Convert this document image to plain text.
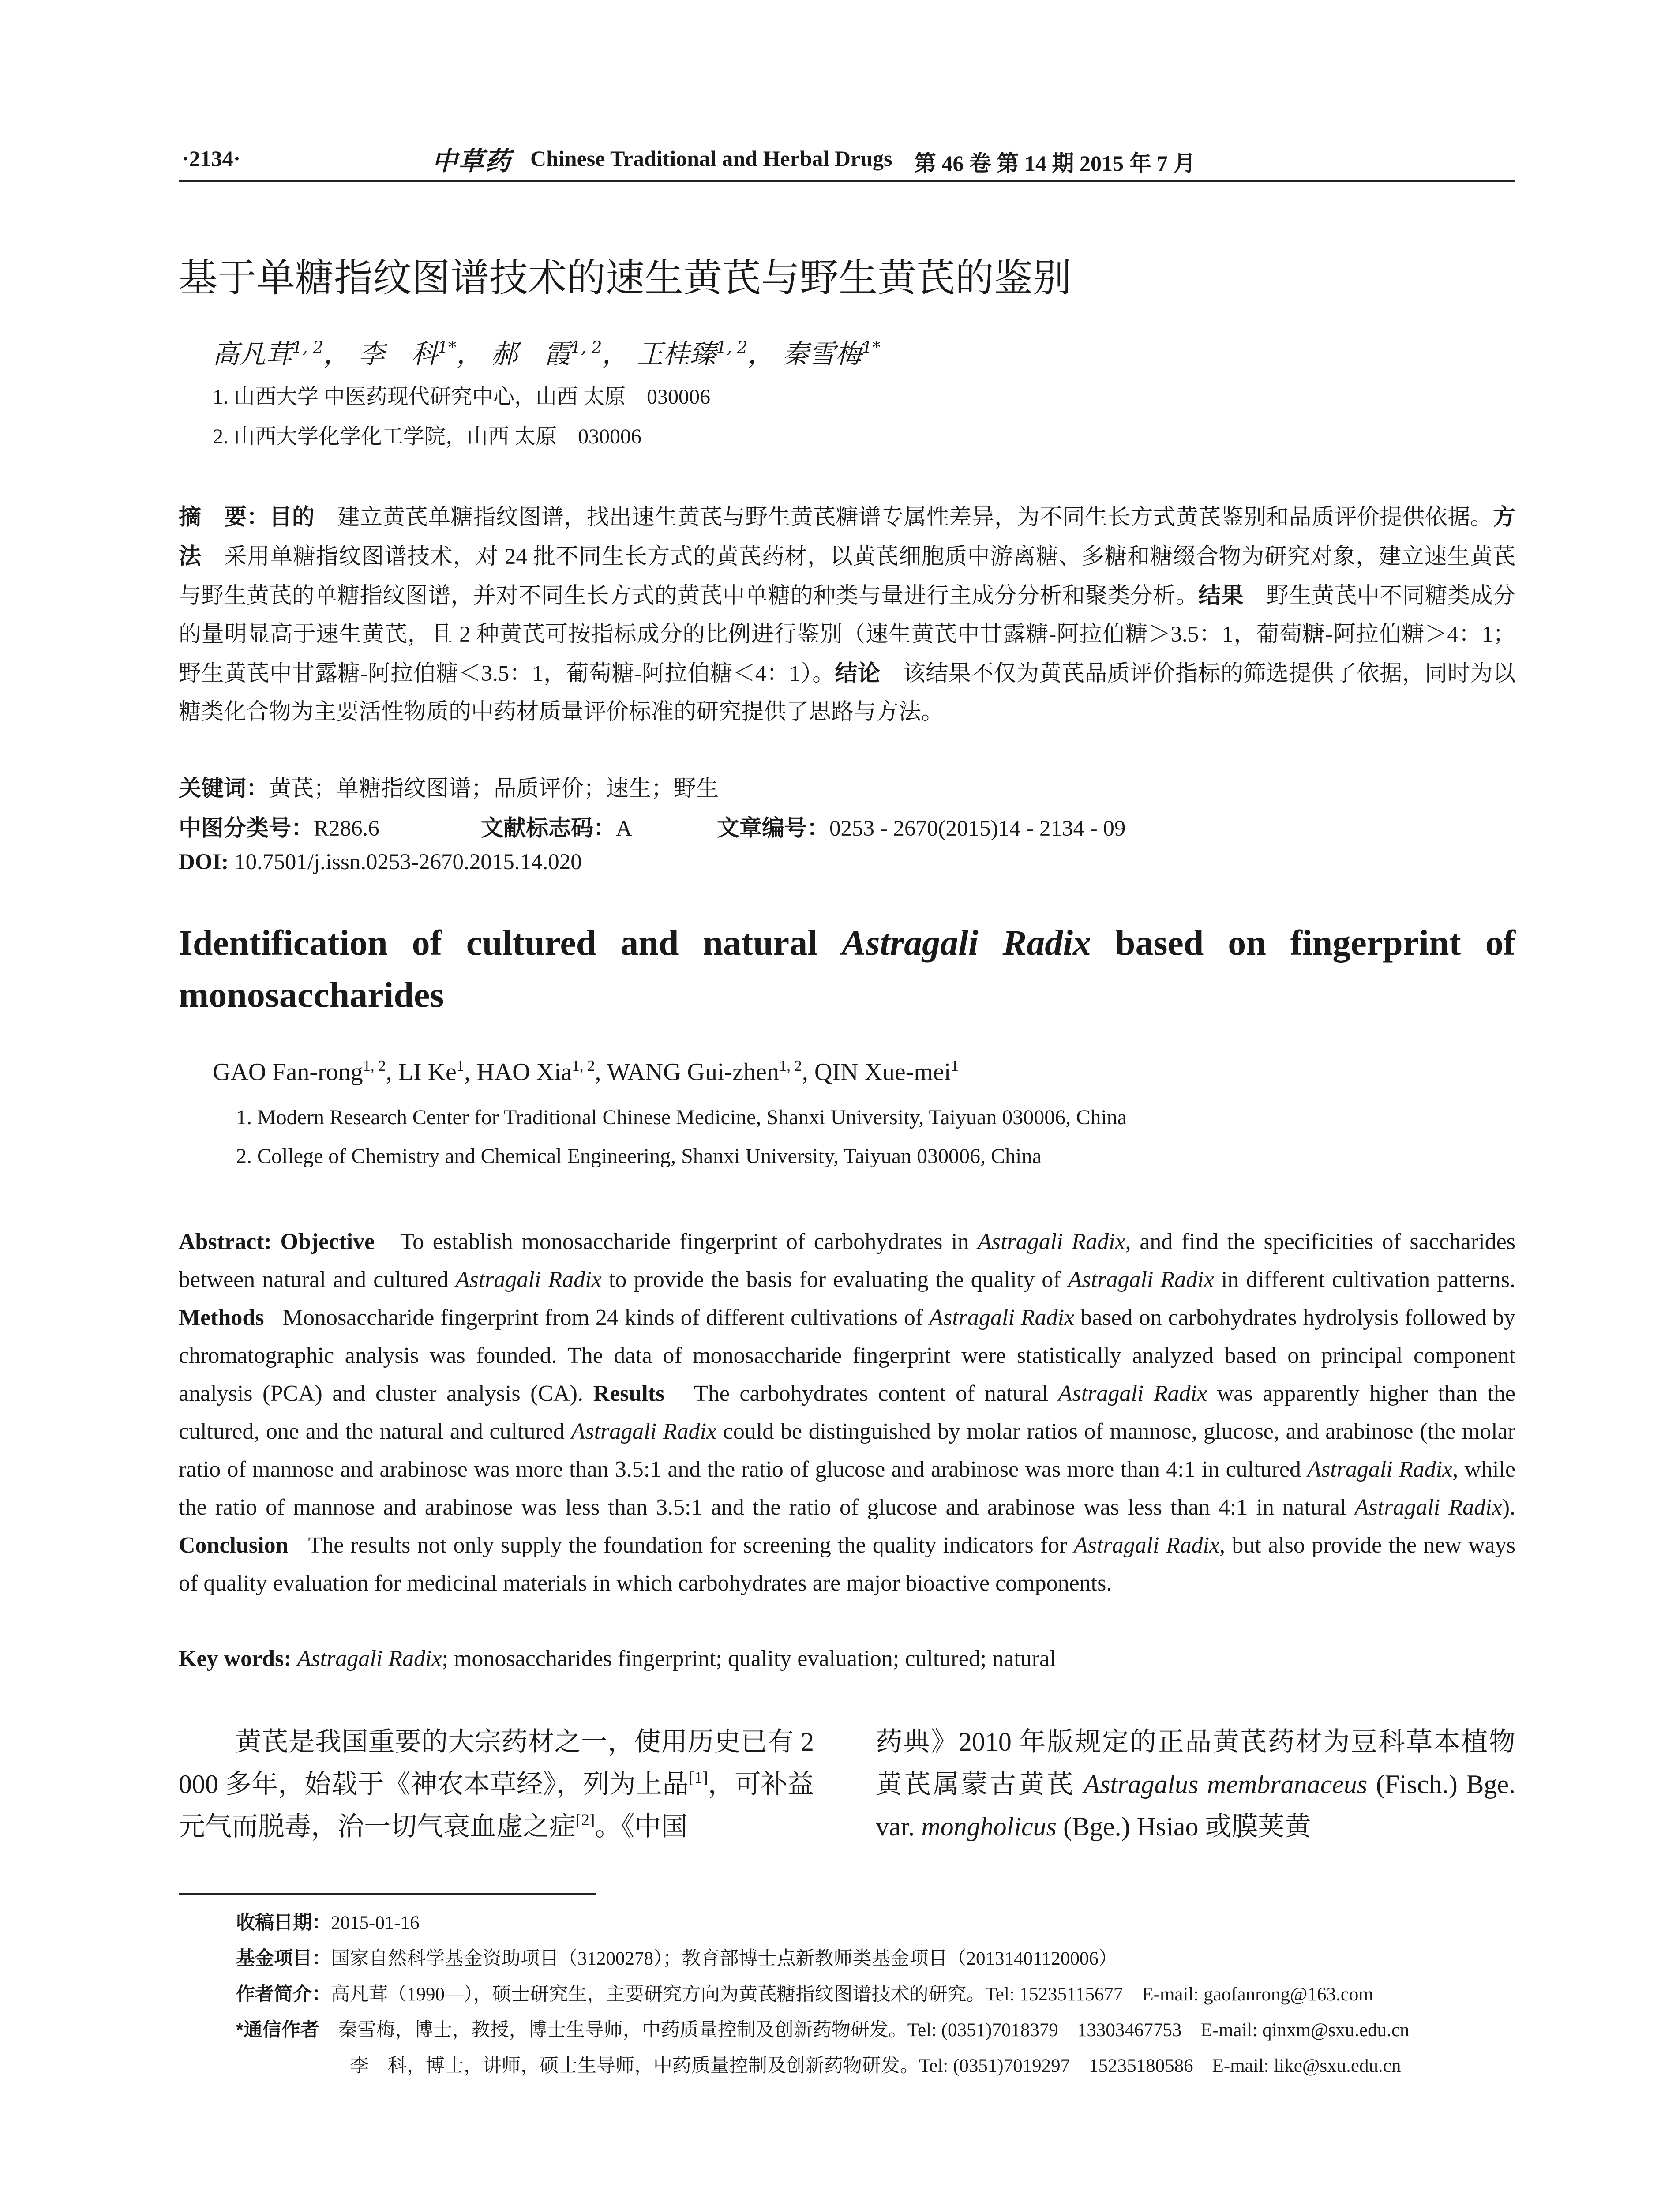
·2134·	中草药 Chinese Traditional and Herbal Drugs 第 46 卷 第 14 期 2015 年 7 月
基于单糖指纹图谱技术的速生黄芪与野生黄芪的鉴别
高凡茸$^{1, 2}$， 李　科$^{1*}$， 郝　霞$^{1, 2}$， 王桂臻$^{1, 2}$， 秦雪梅$^{1*}$
1. 山西大学 中医药现代研究中心，山西 太原　030006
2. 山西大学化学化工学院，山西 太原　030006
摘　要：目的　 建立黄芪单糖指纹图谱，找出速生黄芪与野生黄芪糖谱专属性差异，为不同生长方式黄芪鉴别和品质评价提供依据。方法　 采用单糖指纹图谱技术，对 24 批不同生长方式的黄芪药材，以黄芪细胞质中游离糖、多糖和糖缀合物为研究对象，建立速生黄芪与野生黄芪的单糖指纹图谱，并对不同生长方式的黄芪中单糖的种类与量进行主成分分析和聚类分析。结果　 野生黄芪中不同糖类成分的量明显高于速生黄芪，且 2 种黄芪可按指标成分的比例进行鉴别（速生黄芪中甘露糖-阿拉伯糖＞3.5：1，葡萄糖-阿拉伯糖＞4：1；野生黄芪中甘露糖-阿拉伯糖＜3.5：1，葡萄糖-阿拉伯糖＜4：1）。结论　 该结果不仅为黄芪品质评价指标的筛选提供了依据，同时为以糖类化合物为主要活性物质的中药材质量评价标准的研究提供了思路与方法。
关键词：黄芪；单糖指纹图谱；品质评价；速生；野生
中图分类号：R286.6	文献标志码：A	文章编号：0253 - 2670(2015)14 - 2134 - 09
DOI: 10.7501/j.issn.0253-2670.2015.14.020
Identification of cultured and natural Astragali Radix based on fingerprint of monosaccharides
GAO Fan-rong$^{1, 2}$, LI Ke$^1$, HAO Xia$^{1, 2}$, WANG Gui-zhen$^{1, 2}$, QIN Xue-mei$^1$
1. Modern Research Center for Traditional Chinese Medicine, Shanxi University, Taiyuan 030006, China
2. College of Chemistry and Chemical Engineering, Shanxi University, Taiyuan 030006, China
Abstract: Objective To establish monosaccharide fingerprint of carbohydrates in Astragali Radix, and find the specificities of saccharides between natural and cultured Astragali Radix to provide the basis for evaluating the quality of Astragali Radix in different cultivation patterns. Methods Monosaccharide fingerprint from 24 kinds of different cultivations of Astragali Radix based on carbohydrates hydrolysis followed by chromatographic analysis was founded. The data of monosaccharide fingerprint were statistically analyzed based on principal component analysis (PCA) and cluster analysis (CA). Results The carbohydrates content of natural Astragali Radix was apparently higher than the cultured, one and the natural and cultured Astragali Radix could be distinguished by molar ratios of mannose, glucose, and arabinose (the molar ratio of mannose and arabinose was more than 3.5:1 and the ratio of glucose and arabinose was more than 4:1 in cultured Astragali Radix, while the ratio of mannose and arabinose was less than 3.5:1 and the ratio of glucose and arabinose was less than 4:1 in natural Astragali Radix). Conclusion The results not only supply the foundation for screening the quality indicators for Astragali Radix, but also provide the new ways of quality evaluation for medicinal materials in which carbohydrates are major bioactive components.
Key words: Astragali Radix; monosaccharides fingerprint; quality evaluation; cultured; natural
黄芪是我国重要的大宗药材之一，使用历史已有 2 000 多年，始载于《神农本草经》，列为上品[1]，可补益元气而脱毒，治一切气衰血虚之症[2]。《中国
药典》2010 年版规定的正品黄芪药材为豆科草本植物黄芪属蒙古黄芪 Astragalus membranaceus (Fisch.) Bge. var. mongholicus (Bge.) Hsiao 或膜荚黄
收稿日期：2015-01-16
基金项目：国家自然科学基金资助项目（31200278）；教育部博士点新教师类基金项目（20131401120006）
作者简介：高凡茸（1990—），硕士研究生，主要研究方向为黄芪糖指纹图谱技术的研究。Tel: 15235115677　E-mail: gaofanrong@163.com
*通信作者　 秦雪梅，博士，教授，博士生导师，中药质量控制及创新药物研发。Tel: (0351)7018379　13303467753　E-mail: qinxm@sxu.edu.cn
李　科，博士，讲师，硕士生导师，中药质量控制及创新药物研发。Tel: (0351)7019297　15235180586　E-mail: like@sxu.edu.cn
